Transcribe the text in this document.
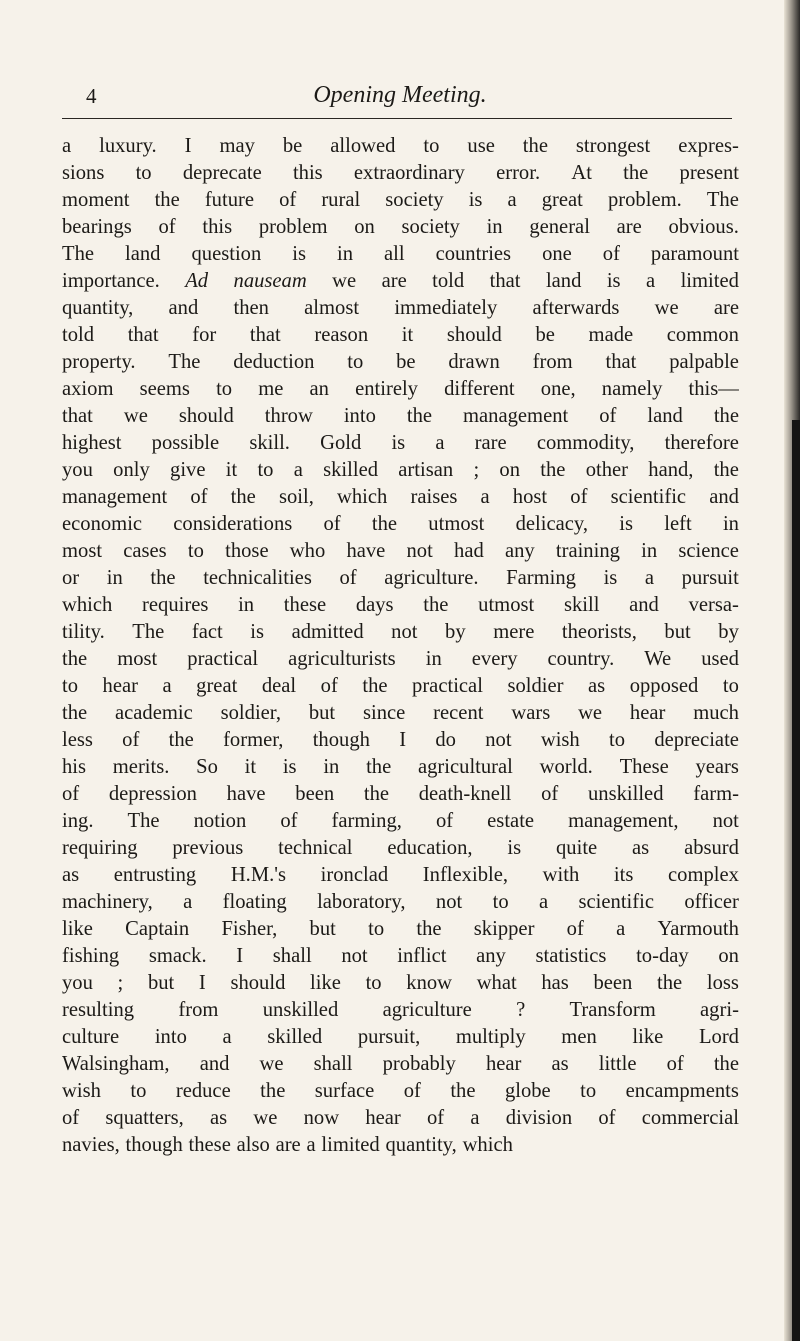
4	Opening Meeting.
a luxury. I may be allowed to use the strongest expres-
sions to deprecate this extraordinary error. At the present
moment the future of rural society is a great problem. The
bearings of this problem on society in general are obvious.
The land question is in all countries one of paramount
importance. Ad nauseam we are told that land is a limited
quantity, and then almost immediately afterwards we are
told that for that reason it should be made common
property. The deduction to be drawn from that palpable
axiom seems to me an entirely different one, namely this—
that we should throw into the management of land the
highest possible skill. Gold is a rare commodity, therefore
you only give it to a skilled artisan ; on the other hand, the
management of the soil, which raises a host of scientific and
economic considerations of the utmost delicacy, is left in
most cases to those who have not had any training in science
or in the technicalities of agriculture. Farming is a pursuit
which requires in these days the utmost skill and versa-
tility. The fact is admitted not by mere theorists, but by
the most practical agriculturists in every country. We used
to hear a great deal of the practical soldier as opposed to
the academic soldier, but since recent wars we hear much
less of the former, though I do not wish to depreciate
his merits. So it is in the agricultural world. These years
of depression have been the death-knell of unskilled farm-
ing. The notion of farming, of estate management, not
requiring previous technical education, is quite as absurd
as entrusting H.M.'s ironclad Inflexible, with its complex
machinery, a floating laboratory, not to a scientific officer
like Captain Fisher, but to the skipper of a Yarmouth
fishing smack. I shall not inflict any statistics to-day on
you ; but I should like to know what has been the loss
resulting from unskilled agriculture ? Transform agri-
culture into a skilled pursuit, multiply men like Lord
Walsingham, and we shall probably hear as little of the
wish to reduce the surface of the globe to encampments
of squatters, as we now hear of a division of commercial
navies, though these also are a limited quantity, which
